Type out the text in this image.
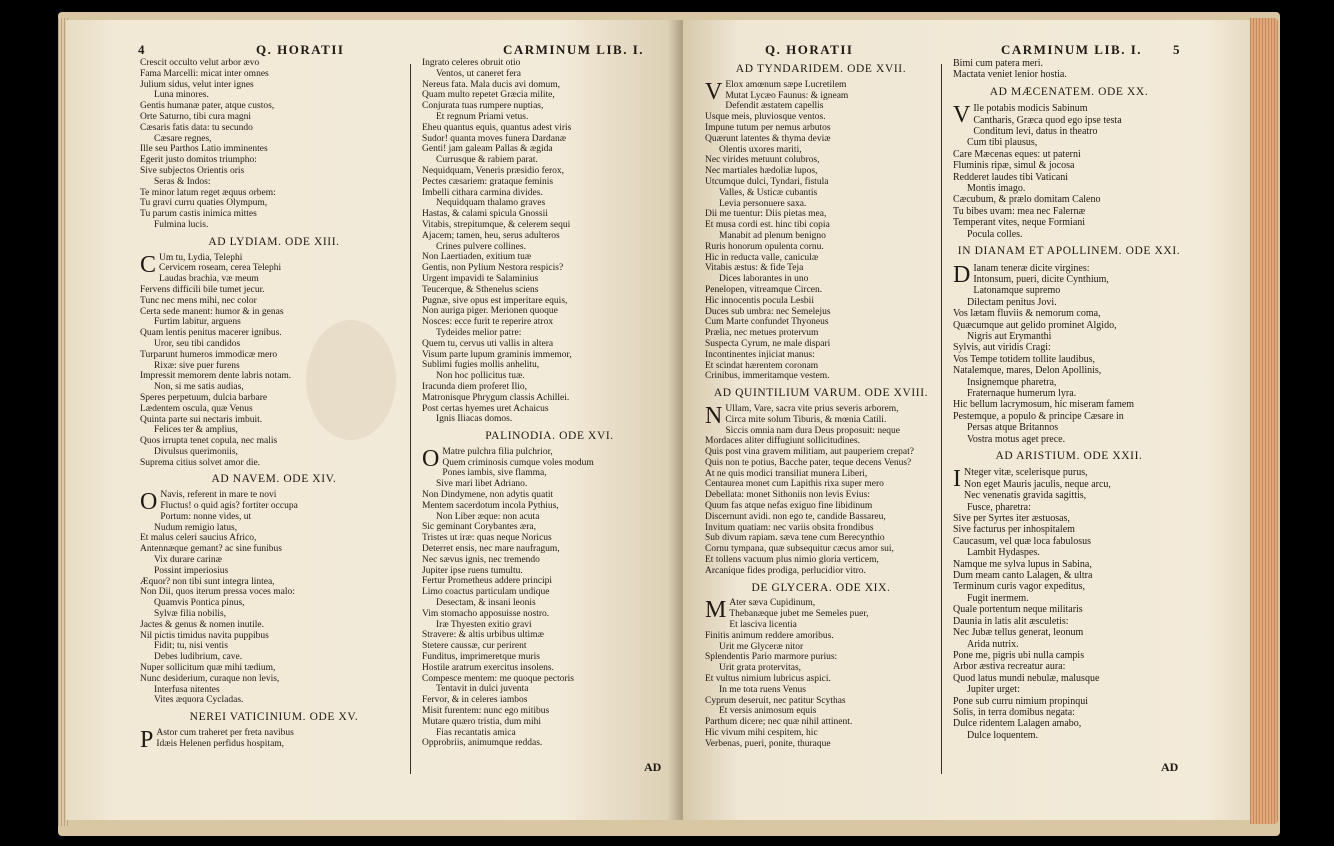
4	Q. HORATII	CARMINUM LIB. I.
Crescit occulto velut arbor ævo
Fama Marcelli: micat inter omnes
Julium sidus, velut inter ignes
Luna minores.
Gentis humanæ pater, atque custos,
Orte Saturno, tibi cura magni
Cæsaris fatis data: tu secundo
Cæsare regnes,
Ille seu Parthos Latio imminentes
Egerit justo domitos triumpho:
Sive subjectos Orientis oris
Seras & Indos:
Te minor latum reget æquus orbem:
Tu gravi curru quaties Olympum,
Tu parum castis inimica mittes
Fulmina lucis.
AD LYDIAM. ODE XIII.
C Um tu, Lydia, Telephi
Cervicem roseam, cerea Telephi
Laudas brachia, væ meum
Fervens difficili bile tumet jecur.
Tunc nec mens mihi, nec color
Certa sede manent: humor & in genas
Furtim labitur, arguens
Quam lentis penitus macerer ignibus.
Uror, seu tibi candidos
Turparunt humeros immodicæ mero
Rixæ: sive puer furens
Impressit memorem dente labris notam.
Non, si me satis audias,
Speres perpetuum, dulcia barbare
Lædentem oscula, quæ Venus
Quinta parte sui nectaris imbuit.
Felices ter & amplius,
Quos irrupta tenet copula, nec malis
Divulsus querimoniis,
Suprema citius solvet amor die.
AD NAVEM. ODE XIV.
O Navis, referent in mare te novi
Fluctus! o quid agis? fortiter occupa
Portum: nonne vides, ut
Nudum remigio latus,
Et malus celeri saucius Africo,
Antennæque gemant? ac sine funibus
Vix durare carinæ
Possint imperiosius
Æquor? non tibi sunt integra lintea,
Non Dii, quos iterum pressa voces malo:
Quamvis Pontica pinus,
Sylvæ filia nobilis,
Jactes & genus & nomen inutile.
Nil pictis timidus navita puppibus
Fidit; tu, nisi ventis
Debes ludibrium, cave.
Nuper sollicitum quæ mihi tædium,
Nunc desiderium, curaque non levis,
Interfusa nitentes
Vites æquora Cycladas.
NEREI VATICINIUM. ODE XV.
P Astor cum traheret per freta navibus
Idæis Helenen perfidus hospitam,
Ingrato celeres obruit otio
Ventos, ut caneret fera
Nereus fata. Mala ducis avi domum,
Quam multo repetet Græcia milite,
Conjurata tuas rumpere nuptias,
Et regnum Priami vetus.
Eheu quantus equis, quantus adest viris
Sudor! quanta moves funera Dardanæ
Genti! jam galeam Pallas & ægida
Currusque & rabiem parat.
Nequidquam, Veneris præsidio ferox,
Pectes cæsariem: grataque feminis
Imbelli cithara carmina divides.
Nequidquam thalamo graves
Hastas, & calami spicula Gnossii
Vitabis, strepitumque, & celerem sequi
Ajacem; tamen, heu, serus adulteros
Crines pulvere collines.
Non Laertiaden, exitium tuæ
Gentis, non Pylium Nestora respicis?
Urgent impavidi te Salaminius
Teucerque, & Sthenelus sciens
Pugnæ, sive opus est imperitare equis,
Non auriga piger. Merionen quoque
Nosces: ecce furit te reperire atrox
Tydeides melior patre:
Quem tu, cervus uti vallis in altera
Visum parte lupum graminis immemor,
Sublimi fugies mollis anhelitu,
Non hoc pollicitus tuæ.
Iracunda diem proferet Ilio,
Matronisque Phrygum classis Achillei.
Post certas hyemes uret Achaicus
Ignis Iliacas domos.
PALINODIA. ODE XVI.
O Matre pulchra filia pulchrior,
Quem criminosis cumque voles modum
Pones iambis, sive flamma,
Sive mari libet Adriano.
Non Dindymene, non adytis quatit
Mentem sacerdotum incola Pythius,
Non Liber æque: non acuta
Sic geminant Corybantes æra,
Tristes ut iræ: quas neque Noricus
Deterret ensis, nec mare naufragum,
Nec sævus ignis, nec tremendo
Jupiter ipse ruens tumultu.
Fertur Prometheus addere principi
Limo coactus particulam undique
Desectam, & insani leonis
Vim stomacho apposuisse nostro.
Iræ Thyesten exitio gravi
Stravere: & altis urbibus ultimæ
Stetere caussæ, cur perirent
Funditus, imprimeretque muris
Hostile aratrum exercitus insolens.
Compesce mentem: me quoque pectoris
Tentavit in dulci juventa
Fervor, & in celeres iambos
Misit furentem: nunc ego mitibus
Mutare quæro tristia, dum mihi
Fias recantatis amica
Opprobriis, animumque reddas.
AD
Q. HORATII	CARMINUM LIB. I. 5
AD TYNDARIDEM. ODE XVII.
V Elox amœnum sæpe Lucretilem
Mutat Lycæo Faunus: & igneam
Defendit æstatem capellis
Usque meis, pluviosque ventos.
Impune tutum per nemus arbutos
Quærunt latentes & thyma deviæ
Olentis uxores mariti,
Nec virides metuunt colubros,
Nec martiales hædoliæ lupos,
Utcumque dulci, Tyndari, fistula
Valles, & Usticæ cubantis
Levia personuere saxa.
Dii me tuentur: Diis pietas mea,
Et musa cordi est. hinc tibi copia
Manabit ad plenum benigno
Ruris honorum opulenta cornu.
Hic in reducta valle, caniculæ
Vitabis æstus: & fide Teja
Dices laborantes in uno
Penelopen, vitreamque Circen.
Hic innocentis pocula Lesbii
Duces sub umbra: nec Semelejus
Cum Marte confundet Thyoneus
Prælia, nec metues protervum
Suspecta Cyrum, ne male dispari
Incontinentes injiciat manus:
Et scindat hærentem coronam
Crinibus, immeritamque vestem.
AD QUINTILIUM VARUM. ODE XVIII.
N Ullam, Vare, sacra vite prius severis arborem,
Circa mite solum Tiburis, & mœnia Catili.
Siccis omnia nam dura Deus proposuit: neque
Mordaces aliter diffugiunt sollicitudines.
Quis post vina gravem militiam, aut pauperiem crepat?
Quis non te potius, Bacche pater, teque decens Venus?
At ne quis modici transiliat munera Liberi,
Centaurea monet cum Lapithis rixa super mero
Debellata: monet Sithoniis non levis Evius:
Quum fas atque nefas exiguo fine libidinum
Discernunt avidi. non ego te, candide Bassareu,
Invitum quatiam: nec variis obsita frondibus
Sub divum rapiam. sæva tene cum Berecynthio
Cornu tympana, quæ subsequitur cæcus amor sui,
Et tollens vacuum plus nimio gloria verticem,
Arcanique fides prodiga, perlucidior vitro.
DE GLYCERA. ODE XIX.
M Ater sæva Cupidinum,
Thebanæque jubet me Semeles puer,
Et lasciva licentia
Finitis animum reddere amoribus.
Urit me Glyceræ nitor
Splendentis Pario marmore purius:
Urit grata protervitas,
Et vultus nimium lubricus aspici.
In me tota ruens Venus
Cyprum deseruit, nec patitur Scythas
Et versis animosum equis
Parthum dicere; nec quæ nihil attinent.
Hic vivum mihi cespitem, hic
Verbenas, pueri, ponite, thuraque
Bimi cum patera meri.
Mactata veniet lenior hostia.
AD MÆCENATEM. ODE XX.
V Ile potabis modicis Sabinum
Cantharis, Græca quod ego ipse testa
Conditum levi, datus in theatro
Cum tibi plausus,
Care Mæcenas eques: ut paterni
Fluminis ripæ, simul & jocosa
Redderet laudes tibi Vaticani
Montis imago.
Cæcubum, & prælo domitam Caleno
Tu bibes uvam: mea nec Falernæ
Temperant vites, neque Formiani
Pocula colles.
IN DIANAM ET APOLLINEM. ODE XXI.
D Ianam teneræ dicite virgines:
Intonsum, pueri, dicite Cynthium,
Latonamque supremo
Dilectam penitus Jovi.
Vos lætam fluviis & nemorum coma,
Quæcumque aut gelido prominet Algido,
Nigris aut Erymanthi
Sylvis, aut viridis Cragi:
Vos Tempe totidem tollite laudibus,
Natalemque, mares, Delon Apollinis,
Insignemque pharetra,
Fraternaque humerum lyra.
Hic bellum lacrymosum, hic miseram famem
Pestemque, a populo & principe Cæsare in
Persas atque Britannos
Vostra motus aget prece.
AD ARISTIUM. ODE XXII.
I Nteger vitæ, scelerisque purus,
Non eget Mauris jaculis, neque arcu,
Nec venenatis gravida sagittis,
Fusce, pharetra:
Sive per Syrtes iter æstuosas,
Sive facturus per inhospitalem
Caucasum, vel quæ loca fabulosus
Lambit Hydaspes.
Namque me sylva lupus in Sabina,
Dum meam canto Lalagen, & ultra
Terminum curis vagor expeditus,
Fugit inermem.
Quale portentum neque militaris
Daunia in latis alit æsculetis:
Nec Jubæ tellus generat, leonum
Arida nutrix.
Pone me, pigris ubi nulla campis
Arbor æstiva recreatur aura:
Quod latus mundi nebulæ, malusque
Jupiter urget:
Pone sub curru nimium propinqui
Solis, in terra domibus negata:
Dulce ridentem Lalagen amabo,
Dulce loquentem.
AD
